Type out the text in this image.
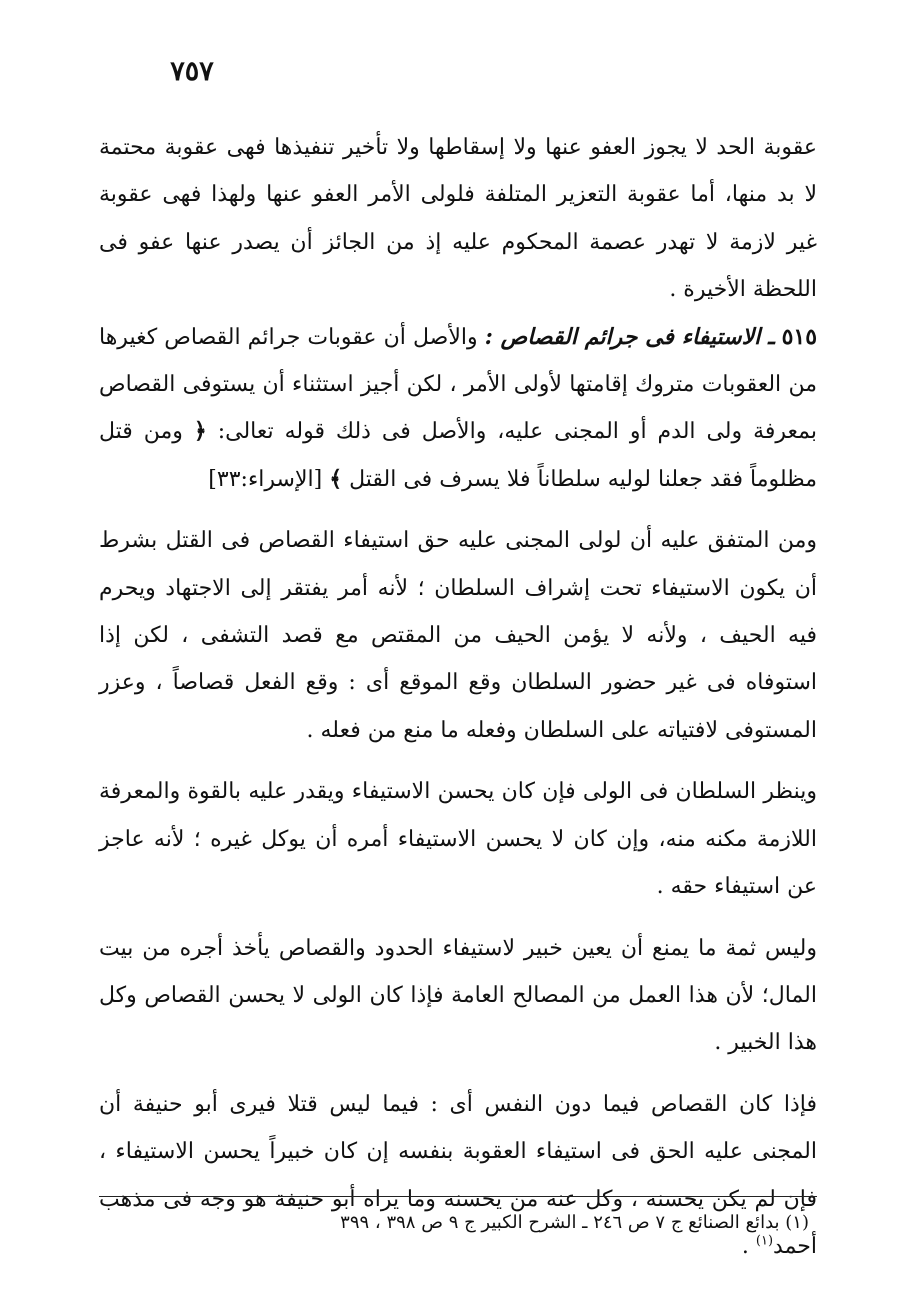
٧٥٧

عقوبة الحد لا يجوز العفو عنها ولا إسقاطها ولا تأخير تنفيذها فهى عقوبة محتمة لا بد منها، أما عقوبة التعزير المتلفة فلولى الأمر العفو عنها ولهذا فهى عقوبة غير لازمة لا تهدر عصمة المحكوم عليه إذ من الجائز أن يصدر عنها عفو فى اللحظة الأخيرة .

٥١٥ ـ الاستيفاء فى جرائم القصاص : والأصل أن عقوبات جرائم القصاص كغيرها من العقوبات متروك إقامتها لأولى الأمر ، لكن أجيز استثناء أن يستوفى القصاص بمعرفة ولى الدم أو المجنى عليه، والأصل فى ذلك قوله تعالى: ﴿ ومن قتل مظلوماً فقد جعلنا لوليه سلطاناً فلا يسرف فى القتل ﴾ [الإسراء:٣٣]

ومن المتفق عليه أن لولى المجنى عليه حق استيفاء القصاص فى القتل بشرط أن يكون الاستيفاء تحت إشراف السلطان ؛ لأنه أمر يفتقر إلى الاجتهاد ويحرم فيه الحيف ، ولأنه لا يؤمن الحيف من المقتص مع قصد التشفى ، لكن إذا استوفاه فى غير حضور السلطان وقع الموقع أى : وقع الفعل قصاصاً ، وعزر المستوفى لافتياته على السلطان وفعله ما منع من فعله .

وينظر السلطان فى الولى فإن كان يحسن الاستيفاء ويقدر عليه بالقوة والمعرفة اللازمة مكنه منه، وإن كان لا يحسن الاستيفاء أمره أن يوكل غيره ؛ لأنه عاجز عن استيفاء حقه .

وليس ثمة ما يمنع أن يعين خبير لاستيفاء الحدود والقصاص يأخذ أجره من بيت المال؛ لأن هذا العمل من المصالح العامة فإذا كان الولى لا يحسن القصاص وكل هذا الخبير .

فإذا كان القصاص فيما دون النفس أى : فيما ليس قتلا فيرى أبو حنيفة أن المجنى عليه الحق فى استيفاء العقوبة بنفسه إن كان خبيراً يحسن الاستيفاء ، فإن لم يكن يحسنه ، وكل عنه من يحسنه وما يراه أبو حنيفة هو وجه فى مذهب أحمد$^{(١)}$ .

(١) بدائع الصنائع ج ٧ ص ٢٤٦ ـ الشرح الكبير ج ٩ ص ٣٩٨ ، ٣٩٩
